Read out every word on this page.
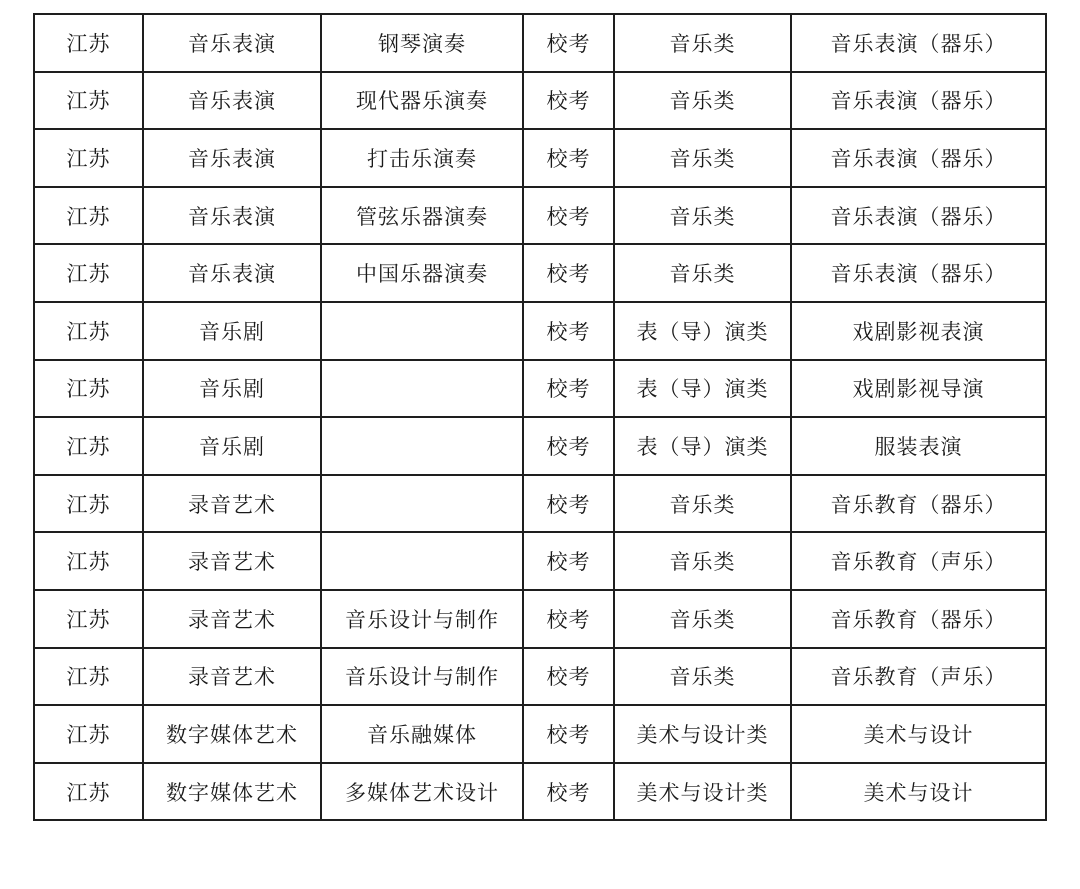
江苏	音乐表演	钢琴演奏	校考	音乐类	音乐表演（器乐）
江苏	音乐表演	现代器乐演奏	校考	音乐类	音乐表演（器乐）
江苏	音乐表演	打击乐演奏	校考	音乐类	音乐表演（器乐）
江苏	音乐表演	管弦乐器演奏	校考	音乐类	音乐表演（器乐）
江苏	音乐表演	中国乐器演奏	校考	音乐类	音乐表演（器乐）
江苏	音乐剧		校考	表（导）演类	戏剧影视表演
江苏	音乐剧		校考	表（导）演类	戏剧影视导演
江苏	音乐剧		校考	表（导）演类	服装表演
江苏	录音艺术		校考	音乐类	音乐教育（器乐）
江苏	录音艺术		校考	音乐类	音乐教育（声乐）
江苏	录音艺术	音乐设计与制作	校考	音乐类	音乐教育（器乐）
江苏	录音艺术	音乐设计与制作	校考	音乐类	音乐教育（声乐）
江苏	数字媒体艺术	音乐融媒体	校考	美术与设计类	美术与设计
江苏	数字媒体艺术	多媒体艺术设计	校考	美术与设计类	美术与设计
